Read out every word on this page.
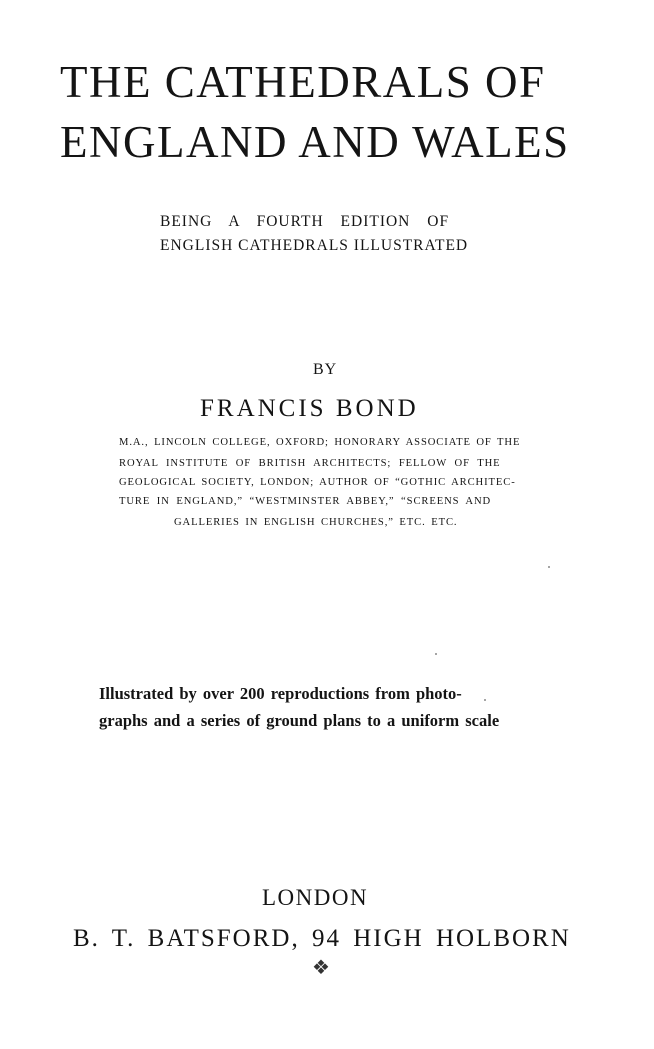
THE CATHEDRALS OF
ENGLAND AND WALES

BEING A FOURTH EDITION OF

ENGLISH CATHEDRALS ILLUSTRATED

BY

FRANCIS BOND

M.A., LINCOLN COLLEGE, OXFORD; HONORARY ASSOCIATE OF THE

ROYAL INSTITUTE OF BRITISH ARCHITECTS; FELLOW OF THE

GEOLOGICAL SOCIETY, LONDON; AUTHOR OF “GOTHIC ARCHITEC-

TURE IN ENGLAND,” “WESTMINSTER ABBEY,” “SCREENS AND

GALLERIES IN ENGLISH CHURCHES,” ETC. ETC.

Illustrated by over 200 reproductions from photo-

graphs and a series of ground plans to a uniform scale

LONDON

B. T. BATSFORD, 94 HIGH HOLBORN

❖
